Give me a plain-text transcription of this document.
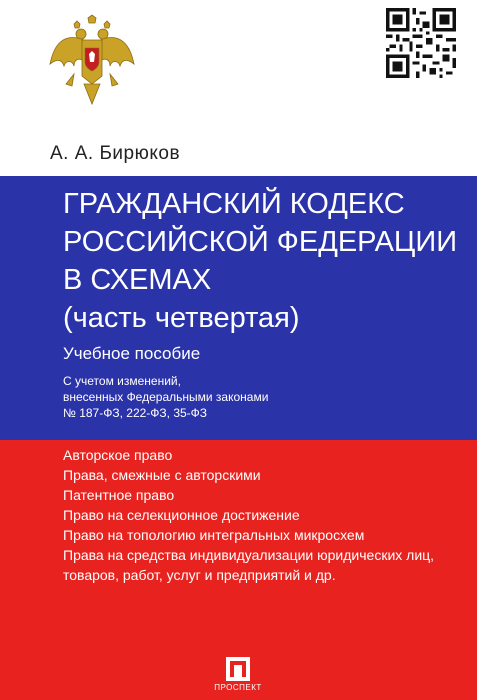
А. А. Бирюков
ГРАЖДАНСКИЙ КОДЕКС
РОССИЙСКОЙ ФЕДЕРАЦИИ
В СХЕМАХ
(часть четвертая)
Учебное пособие
С учетом изменений,
внесенных Федеральными законами
№ 187-ФЗ, 222-ФЗ, 35-ФЗ
Авторское право
Права, смежные с авторскими
Патентное право
Право на селекционное достижение
Право на топологию интегральных микросхем
Права на средства индивидуализации юридических лиц,
товаров, работ, услуг и предприятий и др.
ПРОСПЕКТ
